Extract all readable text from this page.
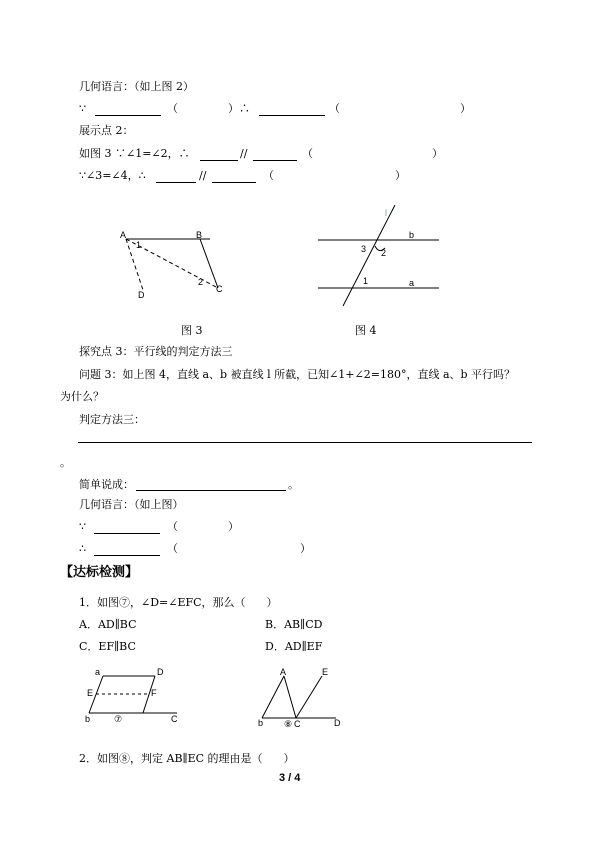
几何语言：（如上图 2）
∵	（	）∴	（	）
展示点 2：
如图 3 ∵∠1=∠2，∴	//	（	）
∵∠3=∠4，∴	//	（	）
A	B
C
D
1
2
l
b
a
3 2
1
图 3	图 4
探究点 3：平行线的判定方法三
问题 3：如上图 4，直线 a、b 被直线 l 所截，已知∠1+∠2=180°，直线 a、b 平行吗？
为什么？
判定方法三：
。
简单说成：	。
几何语言：（如上图）
∵	（	）
∴	（	）
【达标检测】
1．如图⑦，∠D=∠EFC，那么（      ）
A．AD∥BC	B．AB∥CD
C．EF∥BC	D．AD∥EF
a	D
E	F
b	C
⑦
A	E
b	C	D
⑧
2．如图⑧，判定 AB∥EC 的理由是（      ）
3 / 4
